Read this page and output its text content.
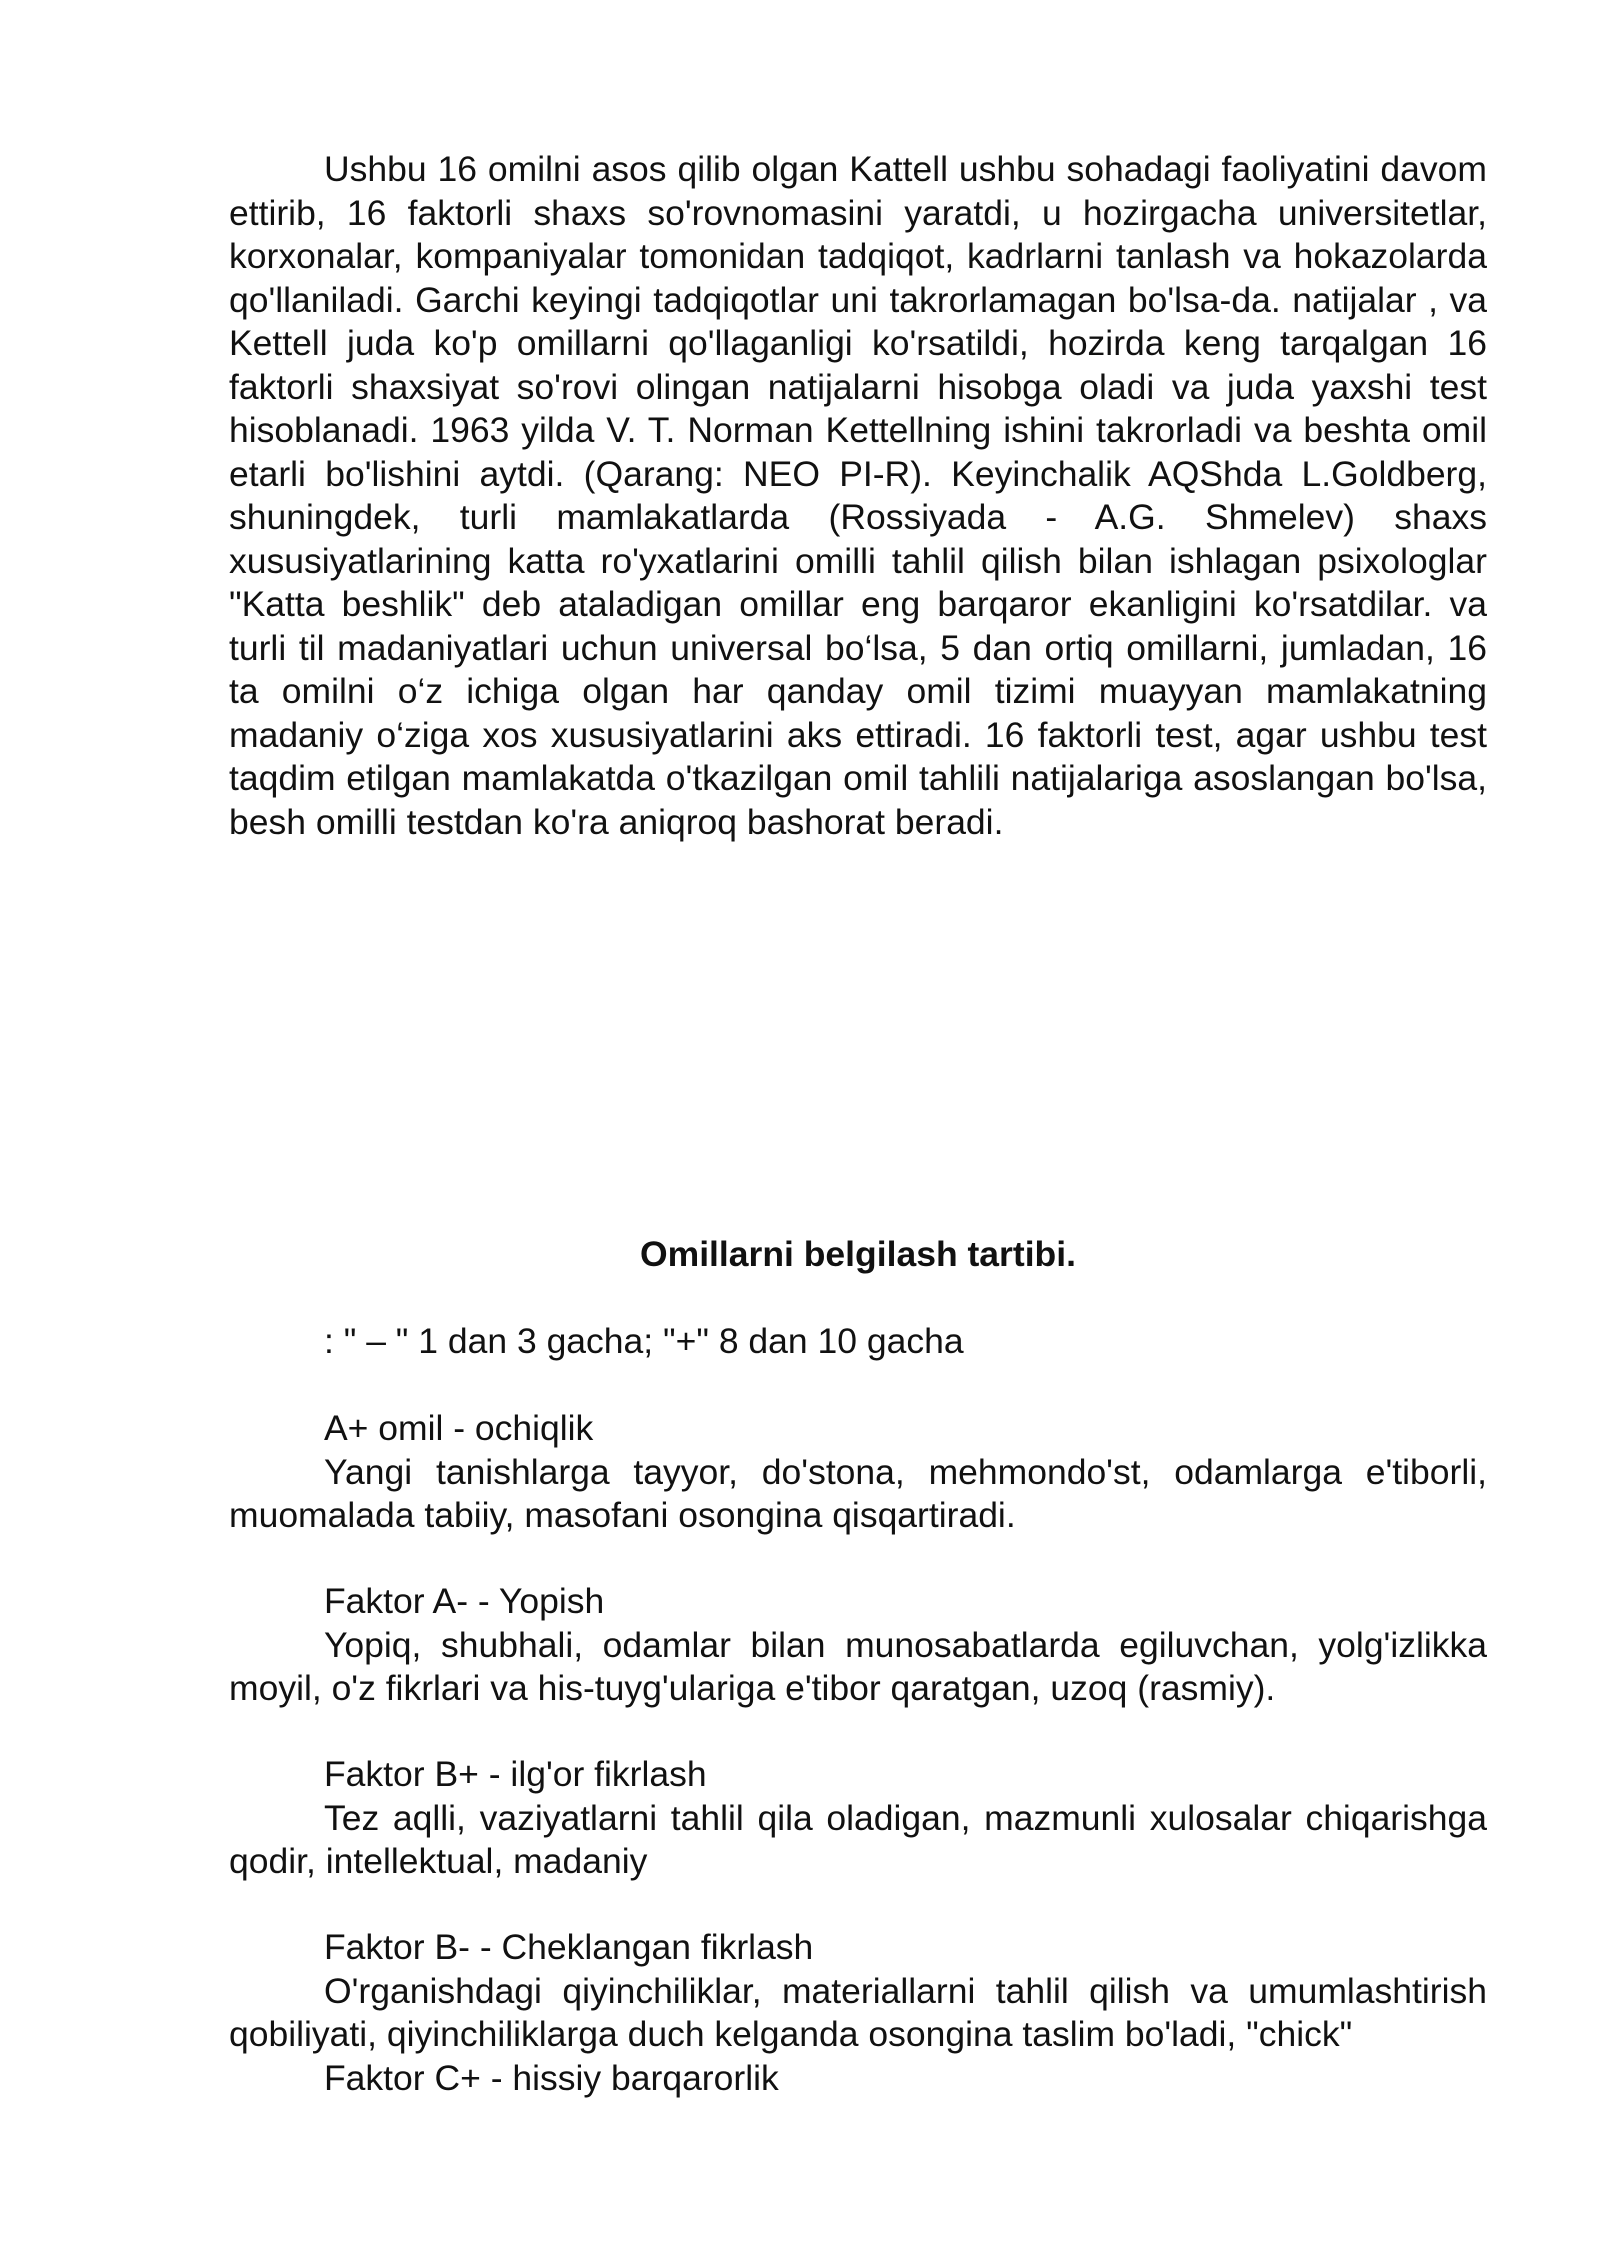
Ushbu 16 omilni asos qilib olgan Kattell ushbu sohadagi faoliyatini davom ettirib, 16 faktorli shaxs so'rovnomasini yaratdi, u hozirgacha universitetlar, korxonalar, kompaniyalar tomonidan tadqiqot, kadrlarni tanlash va hokazolarda qo'llaniladi. Garchi keyingi tadqiqotlar uni takrorlamagan bo'lsa-da. natijalar , va Kettell juda ko'p omillarni qo'llaganligi ko'rsatildi, hozirda keng tarqalgan 16 faktorli shaxsiyat so'rovi olingan natijalarni hisobga oladi va juda yaxshi test hisoblanadi. 1963 yilda V. T. Norman Kettellning ishini takrorladi va beshta omil etarli bo'lishini aytdi. (Qarang: NEO PI-R). Keyinchalik AQShda L.Goldberg, shuningdek, turli mamlakatlarda (Rossiyada - A.G. Shmelev) shaxs xususiyatlarining katta ro'yxatlarini omilli tahlil qilish bilan ishlagan psixologlar "Katta beshlik" deb ataladigan omillar eng barqaror ekanligini ko'rsatdilar. va turli til madaniyatlari uchun universal bo‘lsa, 5 dan ortiq omillarni, jumladan, 16 ta omilni o‘z ichiga olgan har qanday omil tizimi muayyan mamlakatning madaniy o‘ziga xos xususiyatlarini aks ettiradi. 16 faktorli test, agar ushbu test taqdim etilgan mamlakatda o'tkazilgan omil tahlili natijalariga asoslangan bo'lsa, besh omilli testdan ko'ra aniqroq bashorat beradi.

Omillarni belgilash tartibi.

: " – " 1 dan 3 gacha; "+" 8 dan 10 gacha

A+ omil - ochiqlik

Yangi tanishlarga tayyor, do'stona, mehmondo'st, odamlarga e'tiborli, muomalada tabiiy, masofani osongina qisqartiradi.

Faktor A- - Yopish

Yopiq, shubhali, odamlar bilan munosabatlarda egiluvchan, yolg'izlikka moyil, o'z fikrlari va his-tuyg'ulariga e'tibor qaratgan, uzoq (rasmiy).

Faktor B+ - ilg'or fikrlash

Tez aqlli, vaziyatlarni tahlil qila oladigan, mazmunli xulosalar chiqarishga qodir, intellektual, madaniy

Faktor B- - Cheklangan fikrlash

O'rganishdagi qiyinchiliklar, materiallarni tahlil qilish va umumlashtirish qobiliyati, qiyinchiliklarga duch kelganda osongina taslim bo'ladi, "chick"

Faktor C+ - hissiy barqarorlik
